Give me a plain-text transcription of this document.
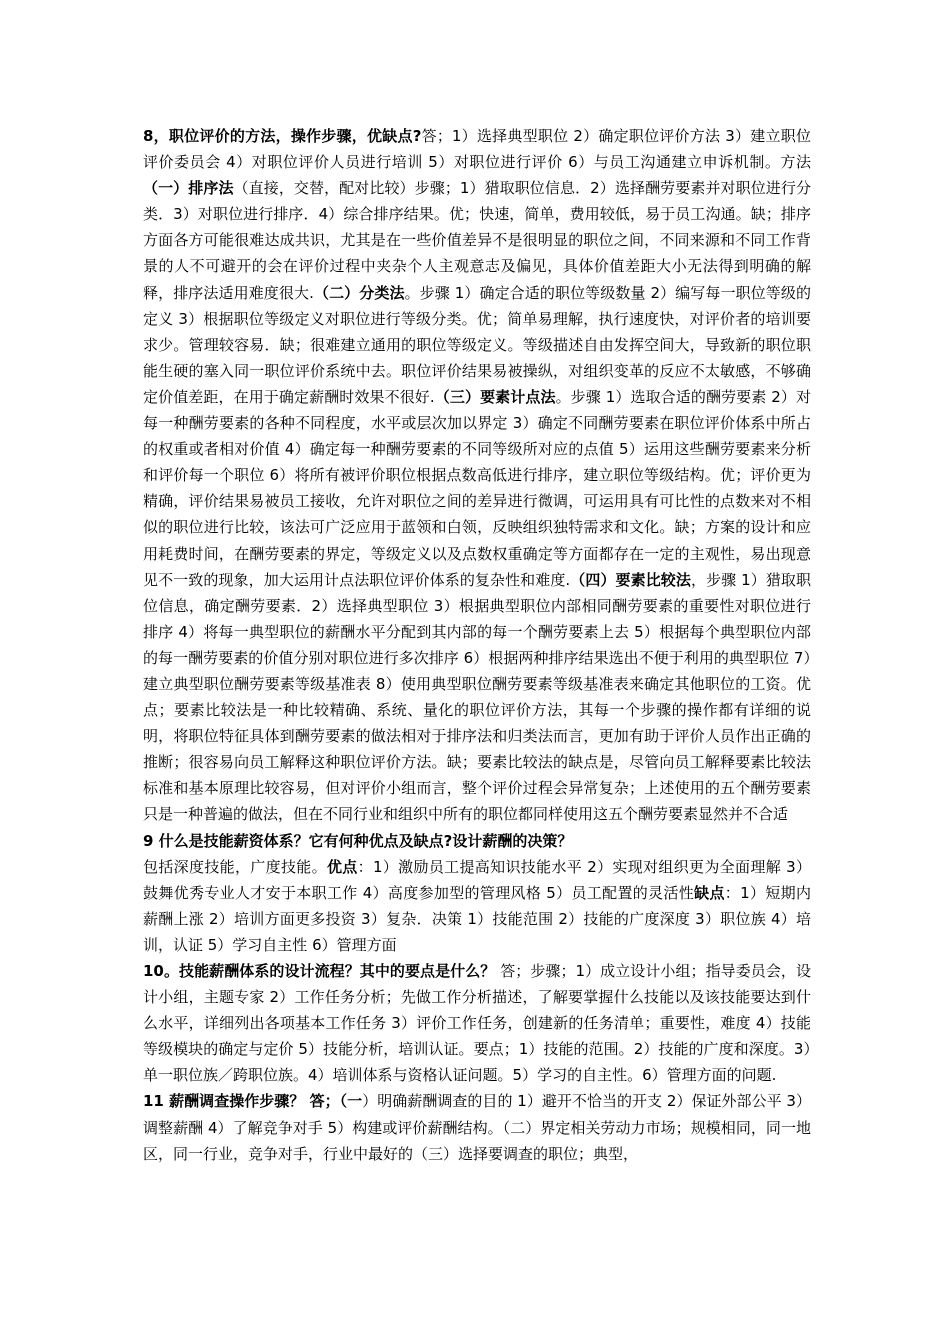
8，职位评价的方法，操作步骤，优缺点?答；1）选择典型职位 2）确定职位评价方法 3）建立职位评价委员会 4）对职位评价人员进行培训 5）对职位进行评价 6）与员工沟通建立申诉机制。方法（一）排序法（直接，交替，配对比较）步骤；1）猎取职位信息．2）选择酬劳要素并对职位进行分类．3）对职位进行排序．4）综合排序结果。优；快速，简单，费用较低，易于员工沟通。缺；排序方面各方可能很难达成共识，尤其是在一些价值差异不是很明显的职位之间，不同来源和不同工作背景的人不可避开的会在评价过程中夹杂个人主观意志及偏见，具体价值差距大小无法得到明确的解释，排序法适用难度很大.（二）分类法。步骤 1）确定合适的职位等级数量 2）编写每一职位等级的定义 3）根据职位等级定义对职位进行等级分类。优；简单易理解，执行速度快，对评价者的培训要求少。管理较容易．缺；很难建立通用的职位等级定义。等级描述自由发挥空间大，导致新的职位职能生硬的塞入同一职位评价系统中去。职位评价结果易被操纵，对组织变革的反应不太敏感，不够确定价值差距，在用于确定薪酬时效果不很好.（三）要素计点法。步骤 1）选取合适的酬劳要素 2）对每一种酬劳要素的各种不同程度，水平或层次加以界定 3）确定不同酬劳要素在职位评价体系中所占的权重或者相对价值 4）确定每一种酬劳要素的不同等级所对应的点值 5）运用这些酬劳要素来分析和评价每一个职位 6）将所有被评价职位根据点数高低进行排序，建立职位等级结构。优；评价更为精确，评价结果易被员工接收，允许对职位之间的差异进行微调，可运用具有可比性的点数来对不相似的职位进行比较，该法可广泛应用于蓝领和白领，反映组织独特需求和文化。缺；方案的设计和应用耗费时间，在酬劳要素的界定，等级定义以及点数权重确定等方面都存在一定的主观性，易出现意见不一致的现象，加大运用计点法职位评价体系的复杂性和难度.（四）要素比较法，步骤 1）猎取职位信息，确定酬劳要素．2）选择典型职位 3）根据典型职位内部相同酬劳要素的重要性对职位进行排序 4）将每一典型职位的薪酬水平分配到其内部的每一个酬劳要素上去 5）根据每个典型职位内部的每一酬劳要素的价值分别对职位进行多次排序 6）根据两种排序结果选出不便于利用的典型职位 7）建立典型职位酬劳要素等级基准表 8）使用典型职位酬劳要素等级基准表来确定其他职位的工资。优点；要素比较法是一种比较精确、系统、量化的职位评价方法，其每一个步骤的操作都有详细的说明，将职位特征具体到酬劳要素的做法相对于排序法和归类法而言，更加有助于评价人员作出正确的推断；很容易向员工解释这种职位评价方法。缺；要素比较法的缺点是，尽管向员工解释要素比较法标准和基本原理比较容易，但对评价小组而言，整个评价过程会异常复杂；上述使用的五个酬劳要素只是一种普遍的做法，但在不同行业和组织中所有的职位都同样使用这五个酬劳要素显然并不合适

9 什么是技能薪资体系？它有何种优点及缺点?设计薪酬的决策？

包括深度技能，广度技能。优点：1）激励员工提高知识技能水平 2）实现对组织更为全面理解 3）鼓舞优秀专业人才安于本职工作 4）高度参加型的管理风格 5）员工配置的灵活性缺点：1）短期内薪酬上涨 2）培训方面更多投资 3）复杂．决策 1）技能范围 2）技能的广度深度 3）职位族 4）培训，认证 5）学习自主性 6）管理方面

10。技能薪酬体系的设计流程？其中的要点是什么？ 答；步骤；1）成立设计小组；指导委员会，设计小组，主题专家 2）工作任务分析；先做工作分析描述，了解要掌握什么技能以及该技能要达到什么水平，详细列出各项基本工作任务 3）评价工作任务，创建新的任务清单；重要性，难度 4）技能等级模块的确定与定价 5）技能分析，培训认证。要点；1）技能的范围。2）技能的广度和深度。3）单一职位族／跨职位族。4）培训体系与资格认证问题。5）学习的自主性。6）管理方面的问题.

11 薪酬调查操作步骤？ 答；（一）明确薪酬调查的目的 1）避开不恰当的开支 2）保证外部公平 3）调整薪酬 4）了解竞争对手 5）构建或评价薪酬结构。（二）界定相关劳动力市场；规模相同，同一地区，同一行业，竞争对手，行业中最好的（三）选择要调查的职位；典型，
